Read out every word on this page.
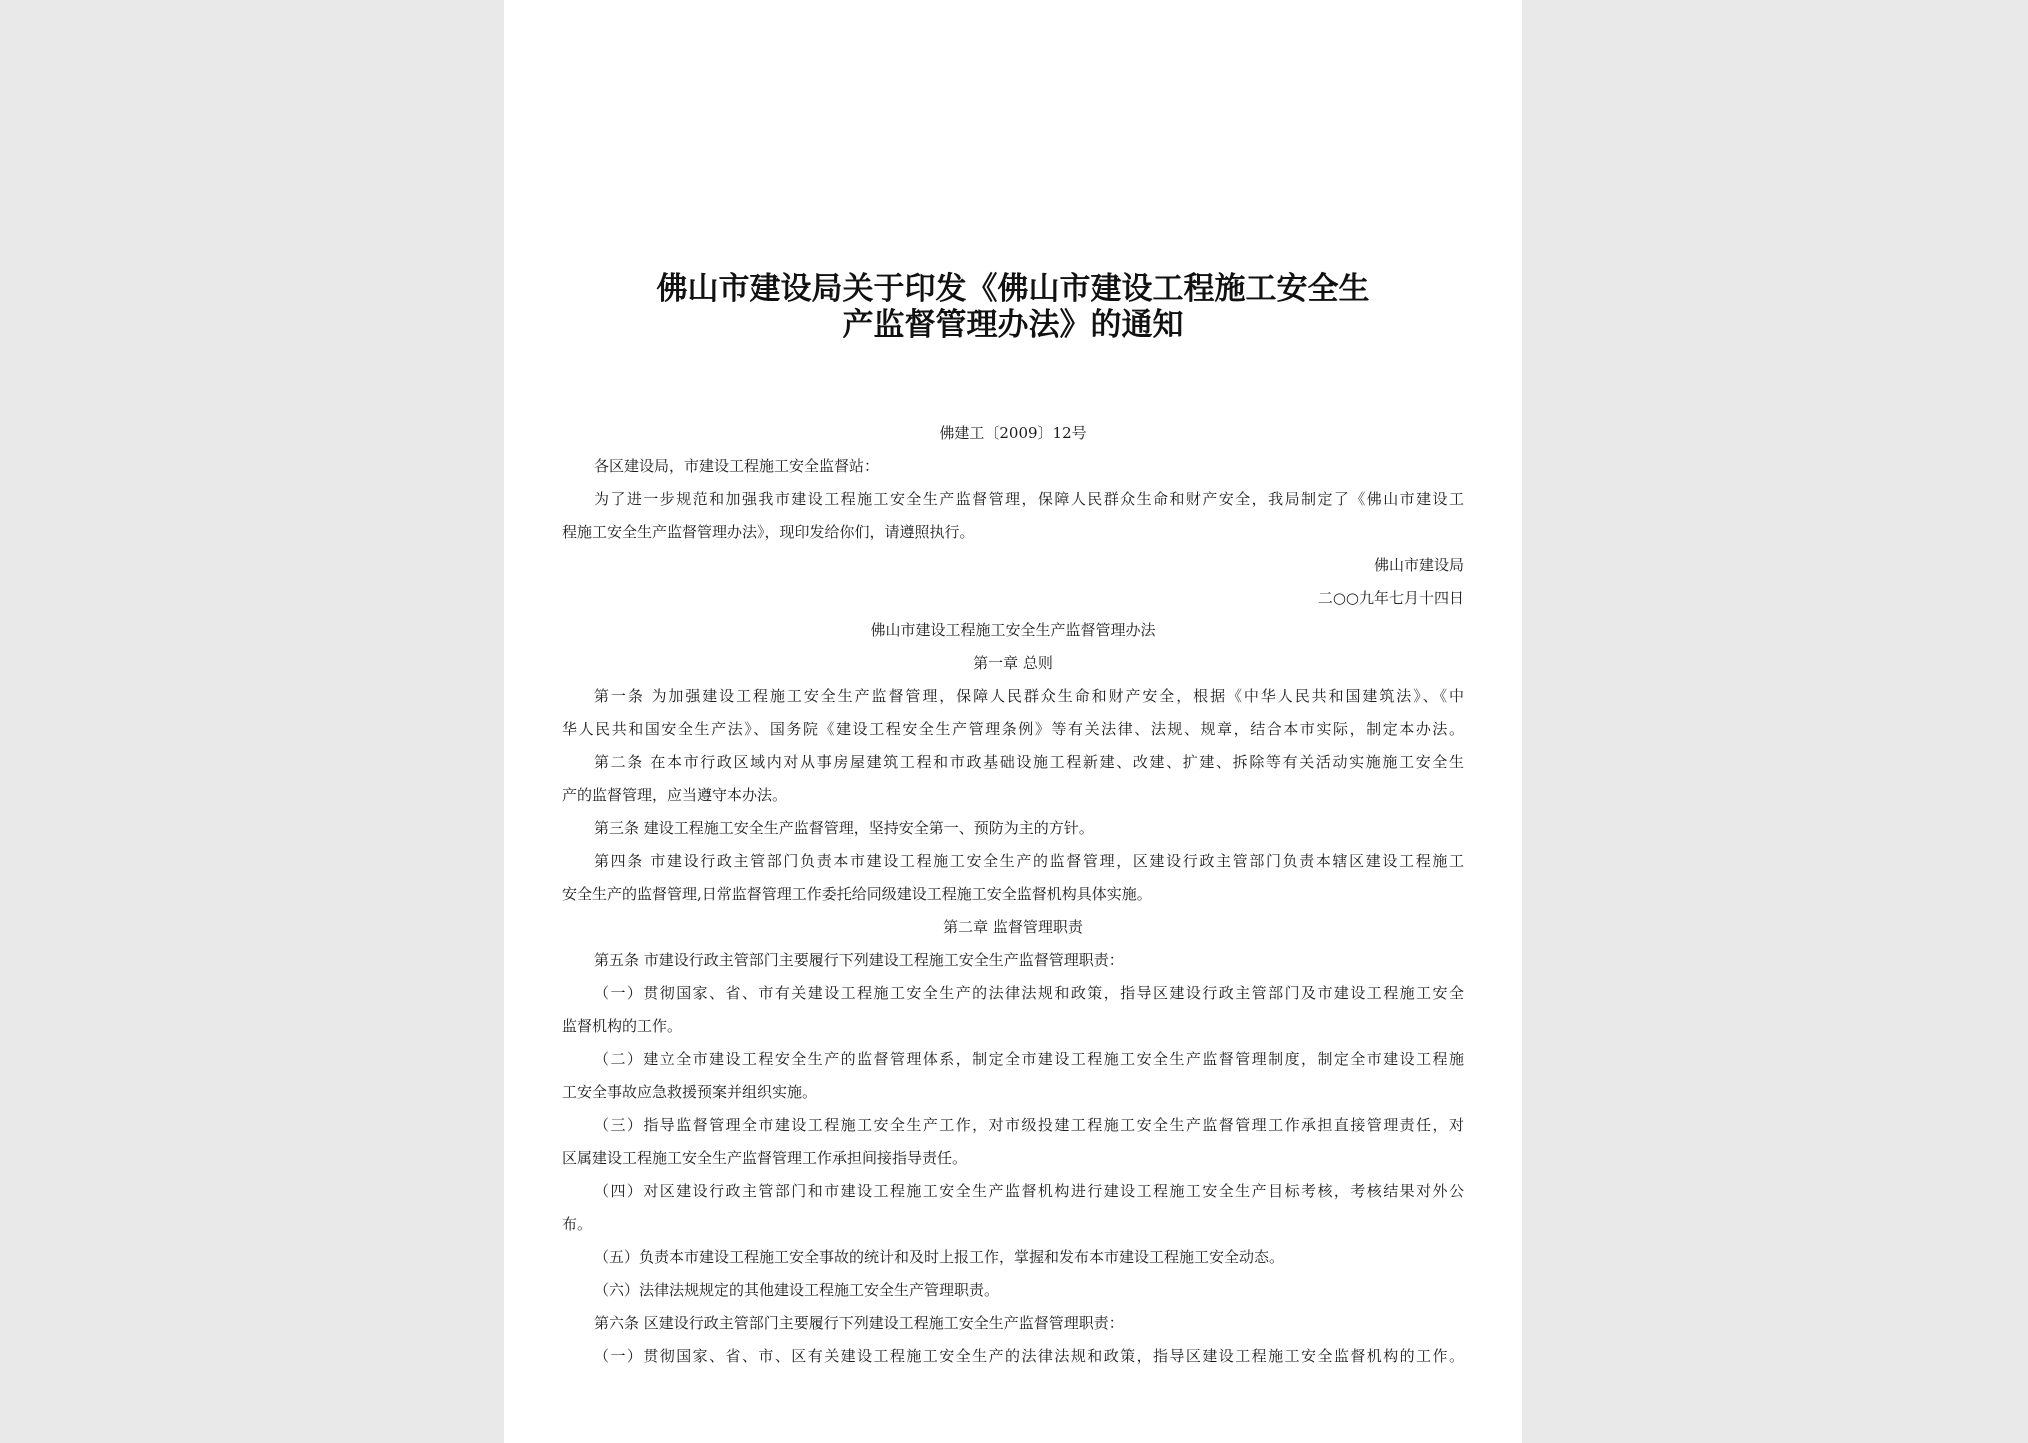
佛山市建设局关于印发《佛山市建设工程施工安全生
产监督管理办法》的通知
佛建工〔2009〕12号
各区建设局，市建设工程施工安全监督站：
为了进一步规范和加强我市建设工程施工安全生产监督管理，保障人民群众生命和财产安全，我局制定了《佛山市建设工
程施工安全生产监督管理办法》，现印发给你们，请遵照执行。
佛山市建设局
二○○九年七月十四日
佛山市建设工程施工安全生产监督管理办法
第一章 总则
第一条 为加强建设工程施工安全生产监督管理，保障人民群众生命和财产安全，根据《中华人民共和国建筑法》、《中
华人民共和国安全生产法》、国务院《建设工程安全生产管理条例》等有关法律、法规、规章，结合本市实际，制定本办法。
第二条 在本市行政区域内对从事房屋建筑工程和市政基础设施工程新建、改建、扩建、拆除等有关活动实施施工安全生
产的监督管理，应当遵守本办法。
第三条 建设工程施工安全生产监督管理，坚持安全第一、预防为主的方针。
第四条 市建设行政主管部门负责本市建设工程施工安全生产的监督管理，区建设行政主管部门负责本辖区建设工程施工
安全生产的监督管理,日常监督管理工作委托给同级建设工程施工安全监督机构具体实施。
第二章 监督管理职责
第五条 市建设行政主管部门主要履行下列建设工程施工安全生产监督管理职责：
（一）贯彻国家、省、市有关建设工程施工安全生产的法律法规和政策，指导区建设行政主管部门及市建设工程施工安全
监督机构的工作。
（二）建立全市建设工程安全生产的监督管理体系，制定全市建设工程施工安全生产监督管理制度，制定全市建设工程施
工安全事故应急救援预案并组织实施。
（三）指导监督管理全市建设工程施工安全生产工作，对市级投建工程施工安全生产监督管理工作承担直接管理责任，对
区属建设工程施工安全生产监督管理工作承担间接指导责任。
（四）对区建设行政主管部门和市建设工程施工安全生产监督机构进行建设工程施工安全生产目标考核，考核结果对外公
布。
（五）负责本市建设工程施工安全事故的统计和及时上报工作，掌握和发布本市建设工程施工安全动态。
（六）法律法规规定的其他建设工程施工安全生产管理职责。
第六条 区建设行政主管部门主要履行下列建设工程施工安全生产监督管理职责：
（一）贯彻国家、省、市、区有关建设工程施工安全生产的法律法规和政策，指导区建设工程施工安全监督机构的工作。
